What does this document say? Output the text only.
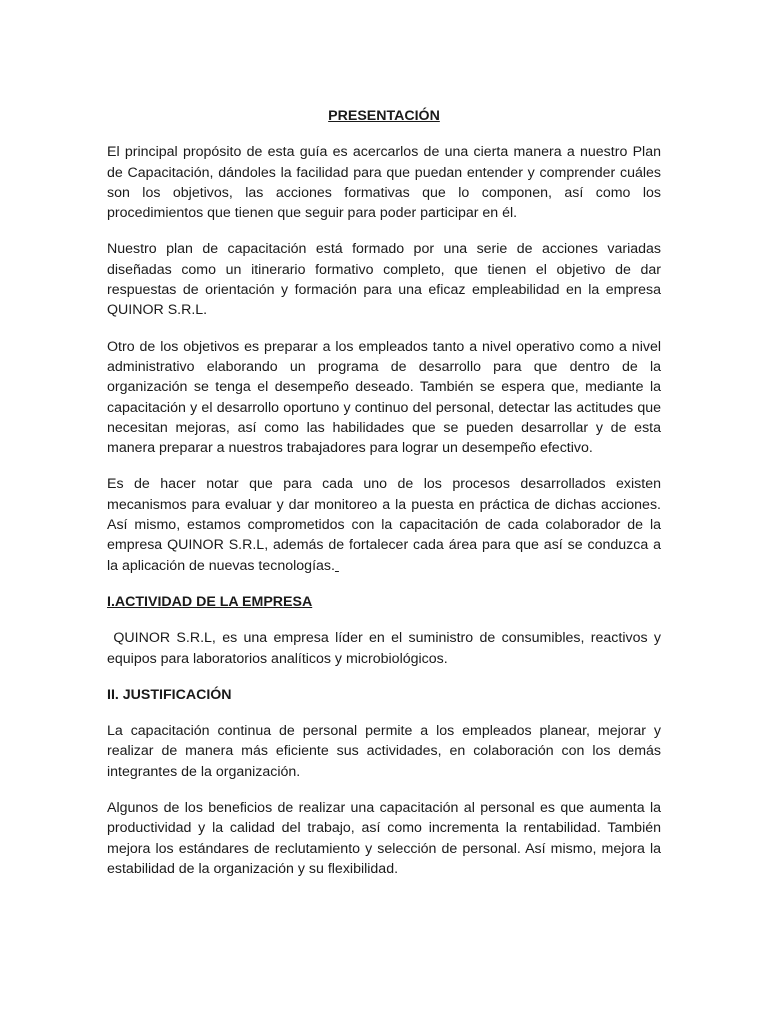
PRESENTACIÓN

El principal propósito de esta guía es acercarlos de una cierta manera a nuestro Plan de Capacitación, dándoles la facilidad para que puedan entender y comprender cuáles son los objetivos, las acciones formativas que lo componen, así como los procedimientos que tienen que seguir para poder participar en él.

Nuestro plan de capacitación está formado por una serie de acciones variadas diseñadas como un itinerario formativo completo, que tienen el objetivo de dar respuestas de orientación y formación para una eficaz empleabilidad en la empresa QUINOR S.R.L.

Otro de los objetivos es preparar a los empleados tanto a nivel operativo como a nivel administrativo elaborando un programa de desarrollo para que dentro de la organización se tenga el desempeño deseado. También se espera que, mediante la capacitación y el desarrollo oportuno y continuo del personal, detectar las actitudes que necesitan mejoras, así como las habilidades que se pueden desarrollar y de esta manera preparar a nuestros trabajadores para lograr un desempeño efectivo.

Es de hacer notar que para cada uno de los procesos desarrollados existen mecanismos para evaluar y dar monitoreo a la puesta en práctica de dichas acciones. Así mismo, estamos comprometidos con la capacitación de cada colaborador de la empresa QUINOR S.R.L, además de fortalecer cada área para que así se conduzca a la aplicación de nuevas tecnologías.

I.ACTIVIDAD DE LA EMPRESA

QUINOR S.R.L, es una empresa líder en el suministro de consumibles, reactivos y equipos para laboratorios analíticos y microbiológicos.

II. JUSTIFICACIÓN

La capacitación continua de personal permite a los empleados planear, mejorar y realizar de manera más eficiente sus actividades, en colaboración con los demás integrantes de la organización.

Algunos de los beneficios de realizar una capacitación al personal es que aumenta la productividad y la calidad del trabajo, así como incrementa la rentabilidad. También mejora los estándares de reclutamiento y selección de personal. Así mismo, mejora la estabilidad de la organización y su flexibilidad.
